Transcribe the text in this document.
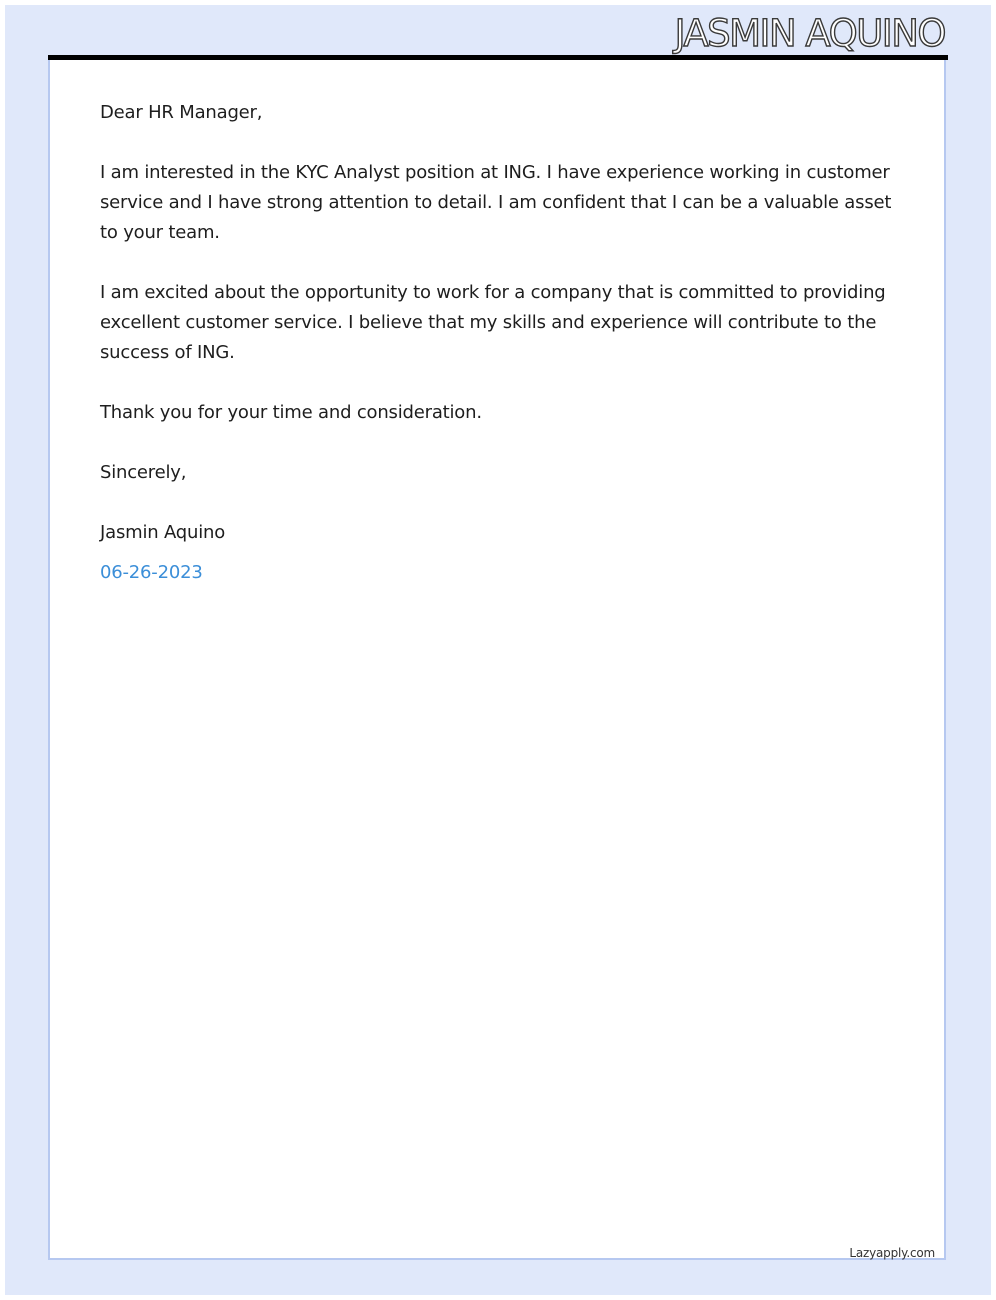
JASMIN AQUINO

Dear HR Manager,

I am interested in the KYC Analyst position at ING. I have experience working in customer service and I have strong attention to detail. I am confident that I can be a valuable asset to your team.

I am excited about the opportunity to work for a company that is committed to providing excellent customer service. I believe that my skills and experience will contribute to the success of ING.

Thank you for your time and consideration.

Sincerely,

Jasmin Aquino

06-26-2023

Lazyapply.com
